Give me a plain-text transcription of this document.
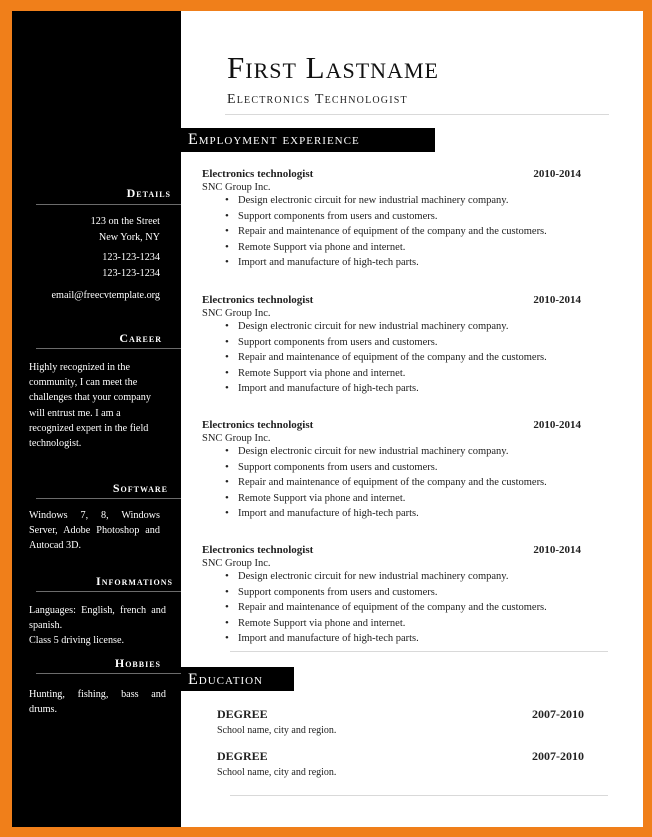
Details
123 on the Street
New York, NY
123-123-1234
123-123-1234
email@freecvtemplate.org
Career
Highly recognized in the community, I can meet the challenges that your company will entrust me. I am a recognized expert in the field technologist.
Software
Windows 7, 8, Windows Server, Adobe Photoshop and Autocad 3D.
Informations
Languages: English, french and spanish.
Class 5 driving license.
Hobbies
Hunting, fishing, bass and drums.
First Lastname
Electronics Technologist
Employment experience
Electronics technologist	2010-2014
SNC Group Inc.
• Design electronic circuit for new industrial machinery company.
• Support components from users and customers.
• Repair and maintenance of equipment of the company and the customers.
• Remote Support via phone and internet.
• Import and manufacture of high-tech parts.
Electronics technologist	2010-2014
SNC Group Inc.
• Design electronic circuit for new industrial machinery company.
• Support components from users and customers.
• Repair and maintenance of equipment of the company and the customers.
• Remote Support via phone and internet.
• Import and manufacture of high-tech parts.
Electronics technologist	2010-2014
SNC Group Inc.
• Design electronic circuit for new industrial machinery company.
• Support components from users and customers.
• Repair and maintenance of equipment of the company and the customers.
• Remote Support via phone and internet.
• Import and manufacture of high-tech parts.
Electronics technologist	2010-2014
SNC Group Inc.
• Design electronic circuit for new industrial machinery company.
• Support components from users and customers.
• Repair and maintenance of equipment of the company and the customers.
• Remote Support via phone and internet.
• Import and manufacture of high-tech parts.
Education
DEGREE	2007-2010
School name, city and region.
DEGREE	2007-2010
School name, city and region.
